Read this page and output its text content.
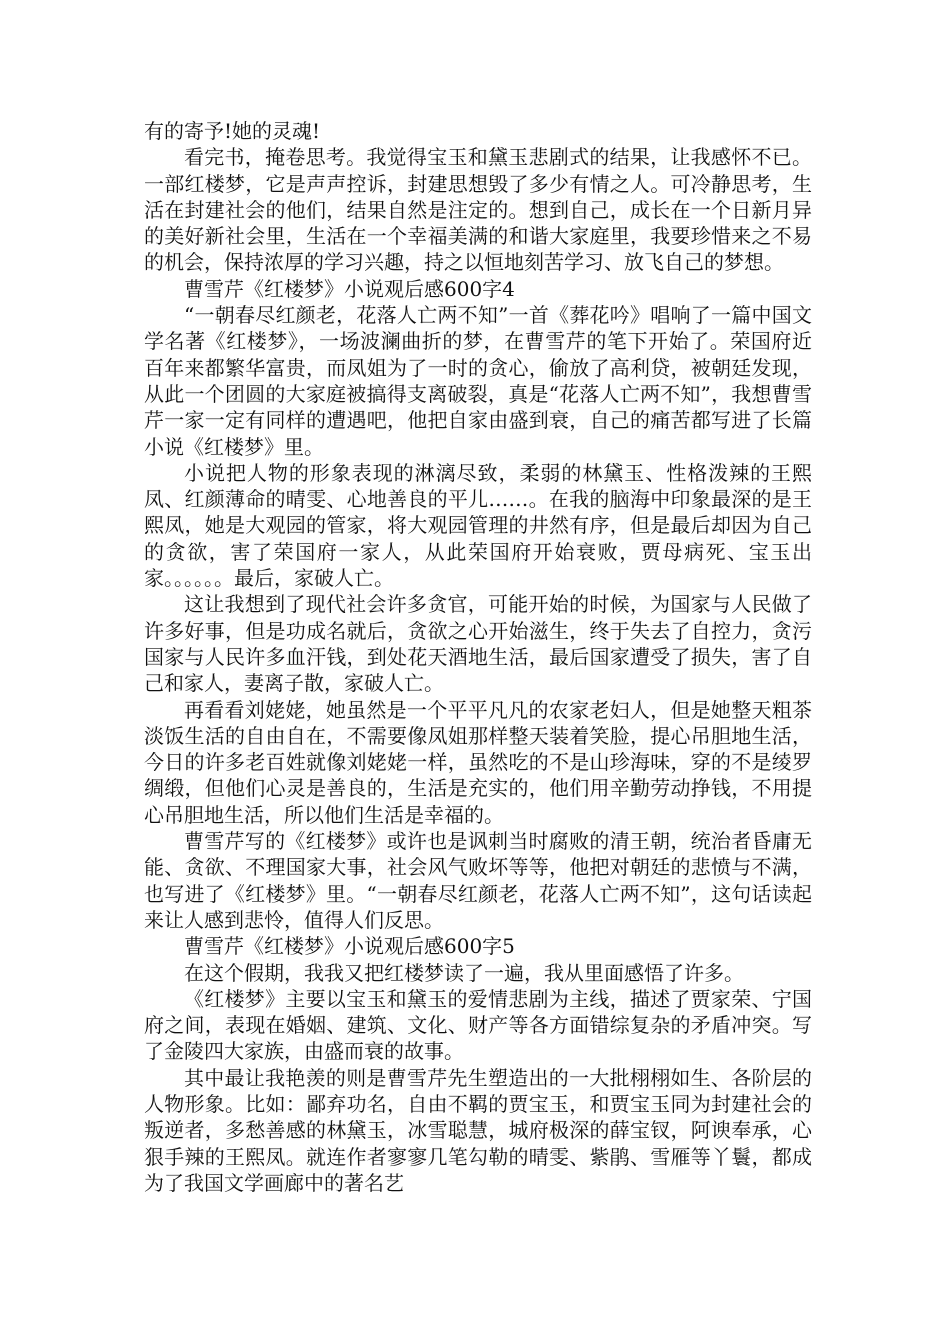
有的寄予!她的灵魂!

看完书，掩卷思考。我觉得宝玉和黛玉悲剧式的结果，让我感怀不已。一部红楼梦，它是声声控诉，封建思想毁了多少有情之人。可冷静思考，生活在封建社会的他们，结果自然是注定的。想到自己，成长在一个日新月异的美好新社会里，生活在一个幸福美满的和谐大家庭里，我要珍惜来之不易的机会，保持浓厚的学习兴趣，持之以恒地刻苦学习、放飞自己的梦想。

曹雪芹《红楼梦》小说观后感600字4

“一朝春尽红颜老，花落人亡两不知”一首《葬花吟》唱响了一篇中国文学名著《红楼梦》，一场波澜曲折的梦，在曹雪芹的笔下开始了。荣国府近百年来都繁华富贵，而凤姐为了一时的贪心，偷放了高利贷，被朝廷发现，从此一个团圆的大家庭被搞得支离破裂，真是“花落人亡两不知”，我想曹雪芹一家一定有同样的遭遇吧，他把自家由盛到衰，自己的痛苦都写进了长篇小说《红楼梦》里。

小说把人物的形象表现的淋漓尽致，柔弱的林黛玉、性格泼辣的王熙凤、红颜薄命的晴雯、心地善良的平儿……。在我的脑海中印象最深的是王熙凤，她是大观园的管家，将大观园管理的井然有序，但是最后却因为自己的贪欲，害了荣国府一家人，从此荣国府开始衰败，贾母病死、宝玉出家。。。。。。最后，家破人亡。

这让我想到了现代社会许多贪官，可能开始的时候，为国家与人民做了许多好事，但是功成名就后，贪欲之心开始滋生，终于失去了自控力，贪污国家与人民许多血汗钱，到处花天酒地生活，最后国家遭受了损失，害了自己和家人，妻离子散，家破人亡。

再看看刘姥姥，她虽然是一个平平凡凡的农家老妇人，但是她整天粗茶淡饭生活的自由自在，不需要像凤姐那样整天装着笑脸，提心吊胆地生活，今日的许多老百姓就像刘姥姥一样，虽然吃的不是山珍海味，穿的不是绫罗绸缎，但他们心灵是善良的，生活是充实的，他们用辛勤劳动挣钱，不用提心吊胆地生活，所以他们生活是幸福的。

曹雪芹写的《红楼梦》或许也是讽刺当时腐败的清王朝，统治者昏庸无能、贪欲、不理国家大事，社会风气败坏等等，他把对朝廷的悲愤与不满，也写进了《红楼梦》里。“一朝春尽红颜老，花落人亡两不知”，这句话读起来让人感到悲怜，值得人们反思。

曹雪芹《红楼梦》小说观后感600字5

在这个假期，我我又把红楼梦读了一遍，我从里面感悟了许多。

《红楼梦》主要以宝玉和黛玉的爱情悲剧为主线，描述了贾家荣、宁国府之间，表现在婚姻、建筑、文化、财产等各方面错综复杂的矛盾冲突。写了金陵四大家族，由盛而衰的故事。

其中最让我艳羡的则是曹雪芹先生塑造出的一大批栩栩如生、各阶层的人物形象。比如：鄙弃功名，自由不羁的贾宝玉，和贾宝玉同为封建社会的叛逆者，多愁善感的林黛玉，冰雪聪慧，城府极深的薛宝钗，阿谀奉承，心狠手辣的王熙凤。就连作者寥寥几笔勾勒的晴雯、紫鹃、雪雁等丫鬟，都成为了我国文学画廊中的著名艺
